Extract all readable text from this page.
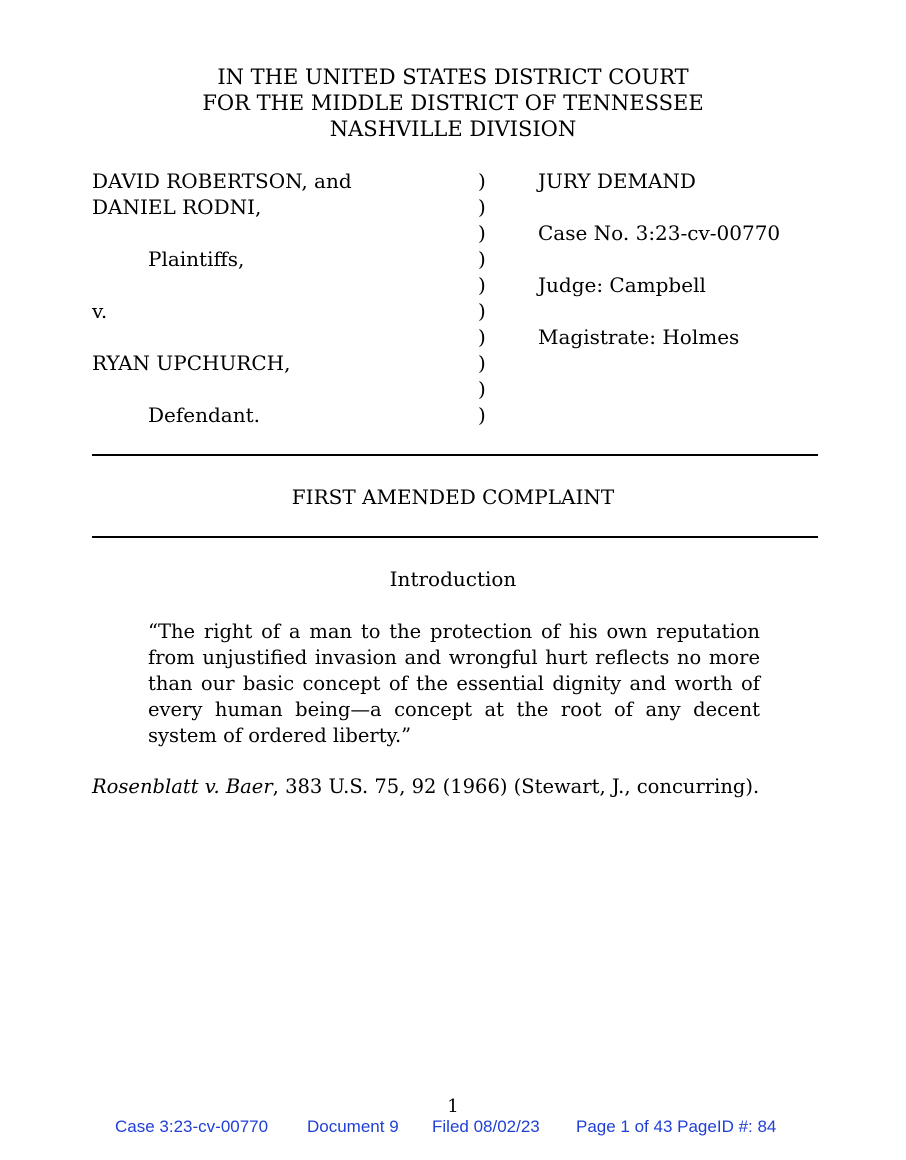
IN THE UNITED STATES DISTRICT COURT
FOR THE MIDDLE DISTRICT OF TENNESSEE
NASHVILLE DIVISION
DAVID ROBERTSON, and
DANIEL RODNI,
Plaintiffs,
v.
RYAN UPCHURCH,
Defendant.
)
)
)
)
)
)
)
)
)
)
JURY DEMAND
Case No. 3:23-cv-00770
Judge: Campbell
Magistrate: Holmes
FIRST AMENDED COMPLAINT
Introduction
“The right of a man to the protection of his own reputation from unjustified invasion and wrongful hurt reflects no more than our basic concept of the essential dignity and worth of every human being—a concept at the root of any decent system of ordered liberty.”
Rosenblatt v. Baer, 383 U.S. 75, 92 (1966) (Stewart, J., concurring).
1
Case 3:23-cv-00770 Document 9 Filed 08/02/23 Page 1 of 43 PageID #: 84
